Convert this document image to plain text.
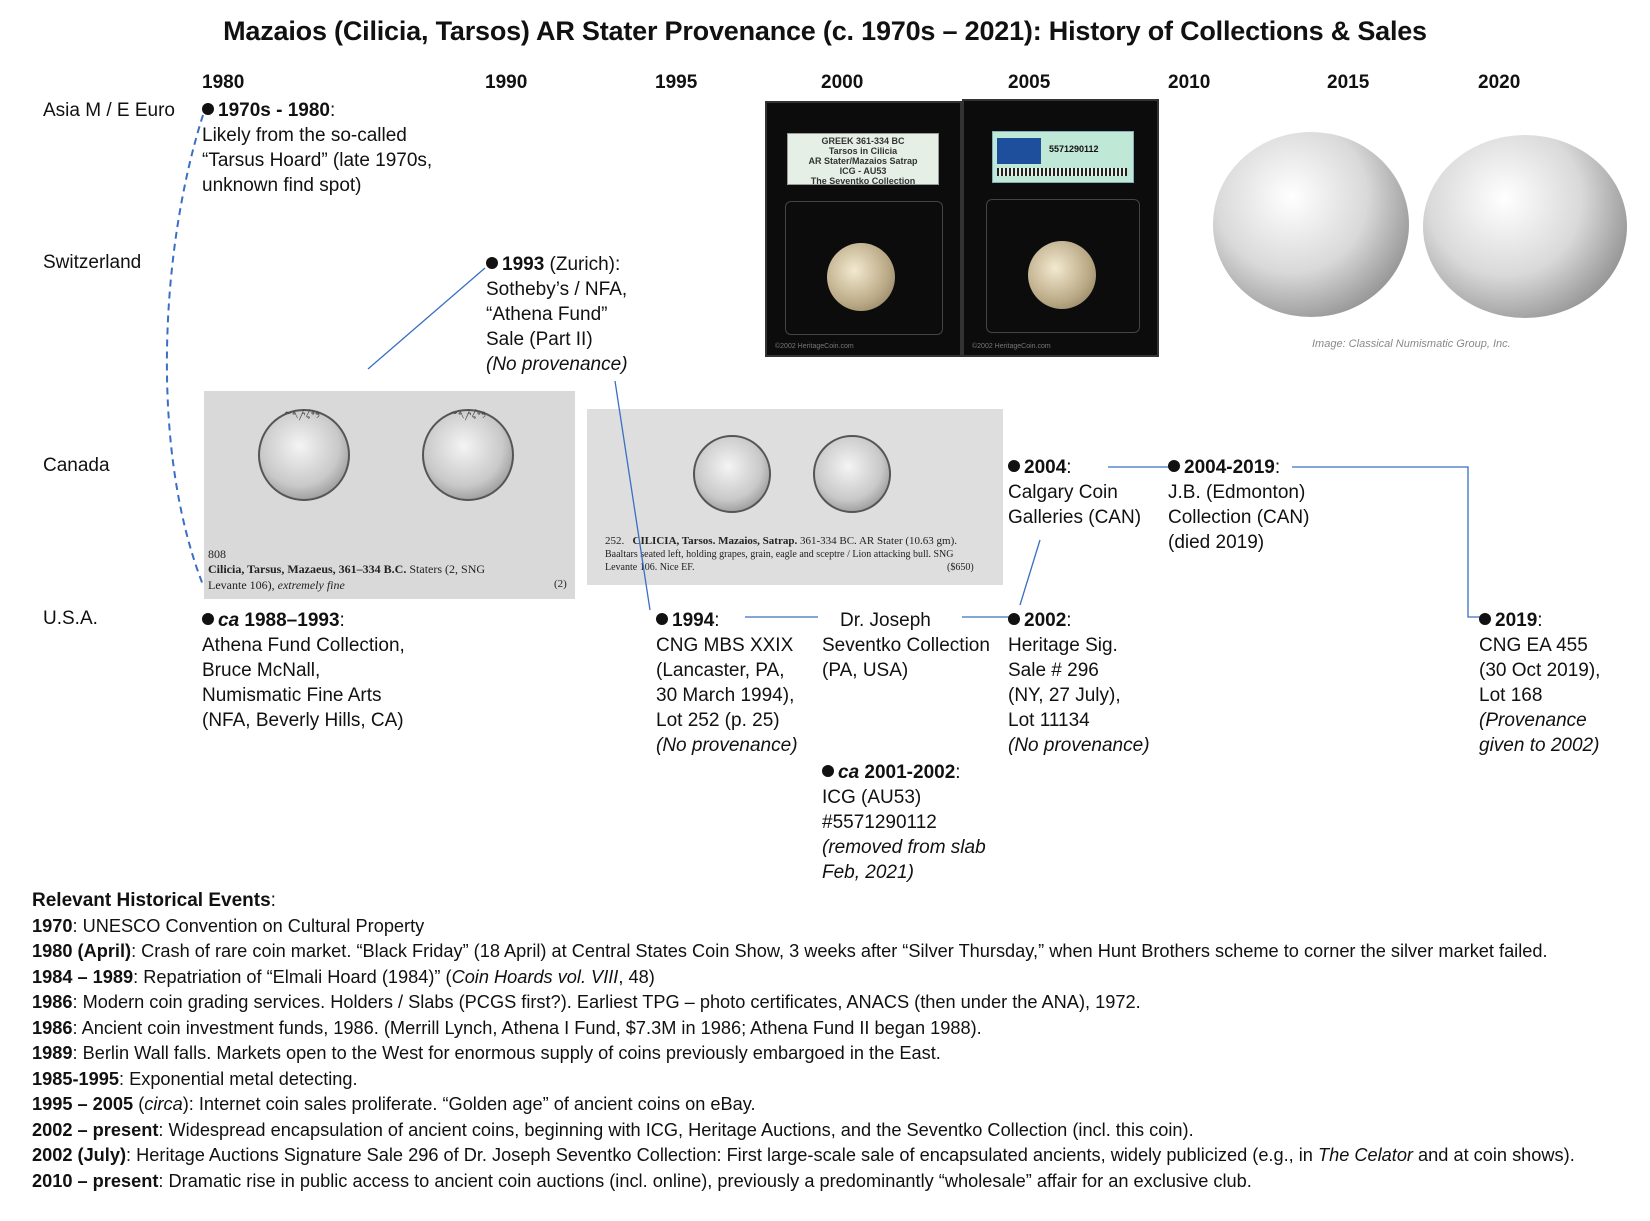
Mazaios (Cilicia, Tarsos) AR Stater Provenance (c. 1970s – 2021): History of Collections & Sales
1980	1990	1995	2000	2005	2010	2015	2020
Asia M / E Euro
Switzerland
Canada
U.S.A.
𐤁𐤏𐤋𐤕𐤓𐤆	𐤁𐤏𐤋𐤕𐤓𐤆
808
Cilicia, Tarsus, Mazaeus, 361–334 B.C. Staters (2, SNG
Levante 106), extremely fine	(2)
252. CILICIA, Tarsos. Mazaios, Satrap. 361-334 BC. AR Stater (10.63 gm).
Baaltars seated left, holding grapes, grain, eagle and sceptre / Lion attacking bull. SNG
Levante 106. Nice EF.	($650)
GREEK 361-334 BC
Tarsos in Cilicia
AR Stater/Mazaios Satrap
ICG - AU53
The Seventko Collection
©2002 HeritageCoin.com
5571290112
©2002 HeritageCoin.com	Image: Classical Numismatic Group, Inc.
1970s - 1980:
Likely from the so-called
“Tarsus Hoard” (late 1970s,
unknown find spot)
1993 (Zurich):
Sotheby’s / NFA,
“Athena Fund”
Sale (Part II)
(No provenance)
ca 1988–1993:
Athena Fund Collection,
Bruce McNall,
Numismatic Fine Arts
(NFA, Beverly Hills, CA)
1994:
CNG MBS XXIX
(Lancaster, PA,
30 March 1994),
Lot 252 (p. 25)
(No provenance)
Dr. Joseph
Seventko Collection
(PA, USA)
ca 2001-2002:
ICG (AU53)
#5571290112
(removed from slab
Feb, 2021)
2002:
Heritage Sig.
Sale # 296
(NY, 27 July),
Lot 11134
(No provenance)
2004:
Calgary Coin
Galleries (CAN)
2004-2019:
J.B. (Edmonton)
Collection (CAN)
(died 2019)
2019:
CNG EA 455
(30 Oct 2019),
Lot 168
(Provenance
given to 2002)
Relevant Historical Events:
1970: UNESCO Convention on Cultural Property
1980 (April): Crash of rare coin market. “Black Friday” (18 April) at Central States Coin Show, 3 weeks after “Silver Thursday,” when Hunt Brothers scheme to corner the silver market failed.
1984 – 1989: Repatriation of “Elmali Hoard (1984)” (Coin Hoards vol. VIII, 48)
1986: Modern coin grading services. Holders / Slabs (PCGS first?). Earliest TPG – photo certificates, ANACS (then under the ANA), 1972.
1986: Ancient coin investment funds, 1986. (Merrill Lynch, Athena I Fund, $7.3M in 1986; Athena Fund II began 1988).
1989: Berlin Wall falls. Markets open to the West for enormous supply of coins previously embargoed in the East.
1985-1995: Exponential metal detecting.
1995 – 2005 (circa): Internet coin sales proliferate. “Golden age” of ancient coins on eBay.
2002 – present: Widespread encapsulation of ancient coins, beginning with ICG, Heritage Auctions, and the Seventko Collection (incl. this coin).
2002 (July): Heritage Auctions Signature Sale 296 of Dr. Joseph Seventko Collection: First large-scale sale of encapsulated ancients, widely publicized (e.g., in The Celator and at coin shows).
2010 – present: Dramatic rise in public access to ancient coin auctions (incl. online), previously a predominantly “wholesale” affair for an exclusive club.
